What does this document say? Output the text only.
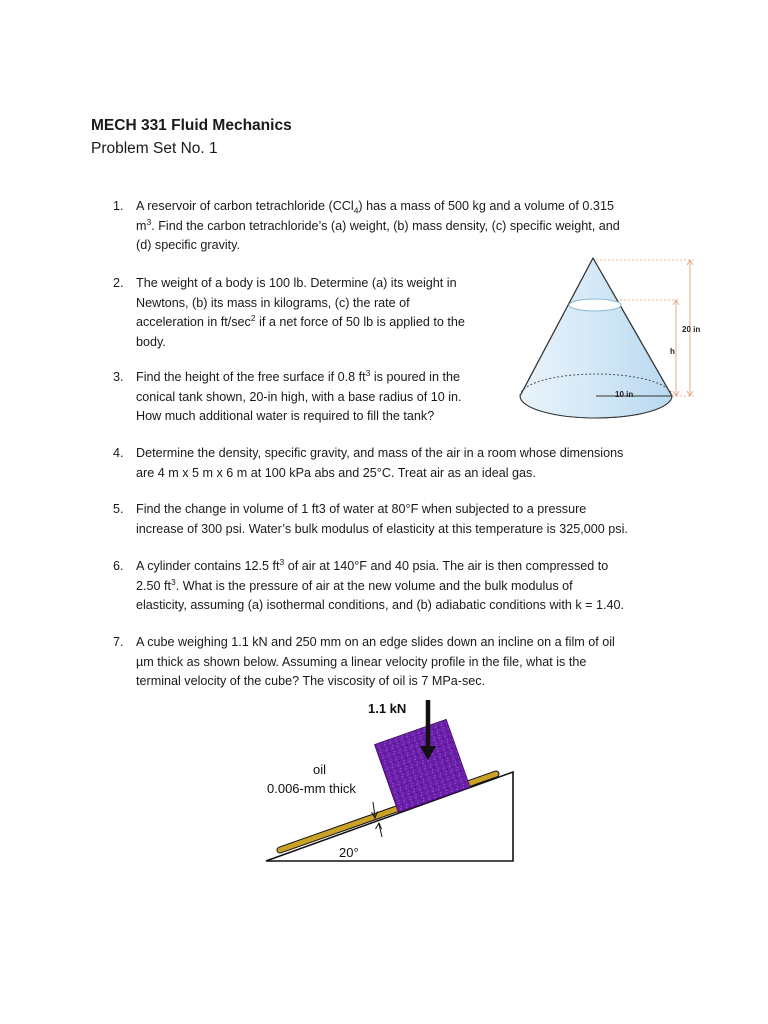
MECH 331 Fluid Mechanics
Problem Set No. 1
1. A reservoir of carbon tetrachloride (CCl$_4$) has a mass of 500 kg and a volume of 0.315
$m^3$. Find the carbon tetrachloride’s (a) weight, (b) mass density, (c) specific weight, and
(d) specific gravity.
2. The weight of a body is 100 lb. Determine (a) its weight in
Newtons, (b) its mass in kilograms, (c) the rate of
acceleration in $ft/\sec^2$ if a net force of 50 lb is applied to the
body.
3. Find the height of the free surface if 0.8 $ft^3$ is poured in the
conical tank shown, 20-in high, with a base radius of 10 in.
How much additional water is required to fill the tank?
4. Determine the density, specific gravity, and mass of the air in a room whose dimensions
are 4 m x 5 m x 6 m at 100 kPa abs and 25°C. Treat air as an ideal gas.
5. Find the change in volume of 1 ft3 of water at 80°F when subjected to a pressure
increase of 300 psi. Water’s bulk modulus of elasticity at this temperature is 325,000 psi.
6. A cylinder contains 12.5 $ft^3$ of air at 140°F and 40 psia. The air is then compressed to
2.50 $ft^3$. What is the pressure of air at the new volume and the bulk modulus of
elasticity, assuming (a) isothermal conditions, and (b) adiabatic conditions with k = 1.40.
7. A cube weighing 1.1 kN and 250 mm on an edge slides down an incline on a film of oil
µm thick as shown below. Assuming a linear velocity profile in the file, what is the
terminal velocity of the cube? The viscosity of oil is 7 MPa-sec.
20 in
h
10 in
1.1 kN
oil
0.006-mm thick
20°
